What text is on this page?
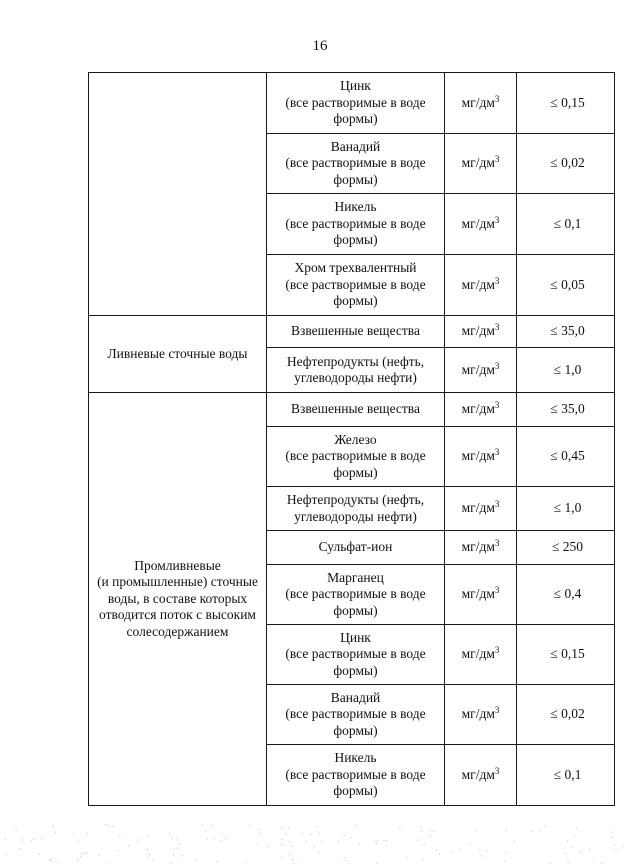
16
	Цинк
(все растворимые в воде
формы)	$мг/дм^3$	≤ 0,15
	Ванадий
(все растворимые в воде
формы)	$мг/дм^3$	≤ 0,02
	Никель
(все растворимые в воде
формы)	$мг/дм^3$	≤ 0,1
	Хром трехвалентный
(все растворимые в воде
формы)	$мг/дм^3$	≤ 0,05
Ливневые сточные воды	Взвешенные вещества	$мг/дм^3$	≤ 35,0
	Нефтепродукты (нефть,
углеводороды нефти)	$мг/дм^3$	≤ 1,0
Промливневые
(и промышленные) сточные
воды, в составе которых
отводится поток с высоким
солесодержанием	Взвешенные вещества	$мг/дм^3$	≤ 35,0
	Железо
(все растворимые в воде
формы)	$мг/дм^3$	≤ 0,45
	Нефтепродукты (нефть,
углеводороды нефти)	$мг/дм^3$	≤ 1,0
	Сульфат-ион	$мг/дм^3$	≤ 250
	Марганец
(все растворимые в воде
формы)	$мг/дм^3$	≤ 0,4
	Цинк
(все растворимые в воде
формы)	$мг/дм^3$	≤ 0,15
	Ванадий
(все растворимые в воде
формы)	$мг/дм^3$	≤ 0,02
	Никель
(все растворимые в воде
формы)	$мг/дм^3$	≤ 0,1
